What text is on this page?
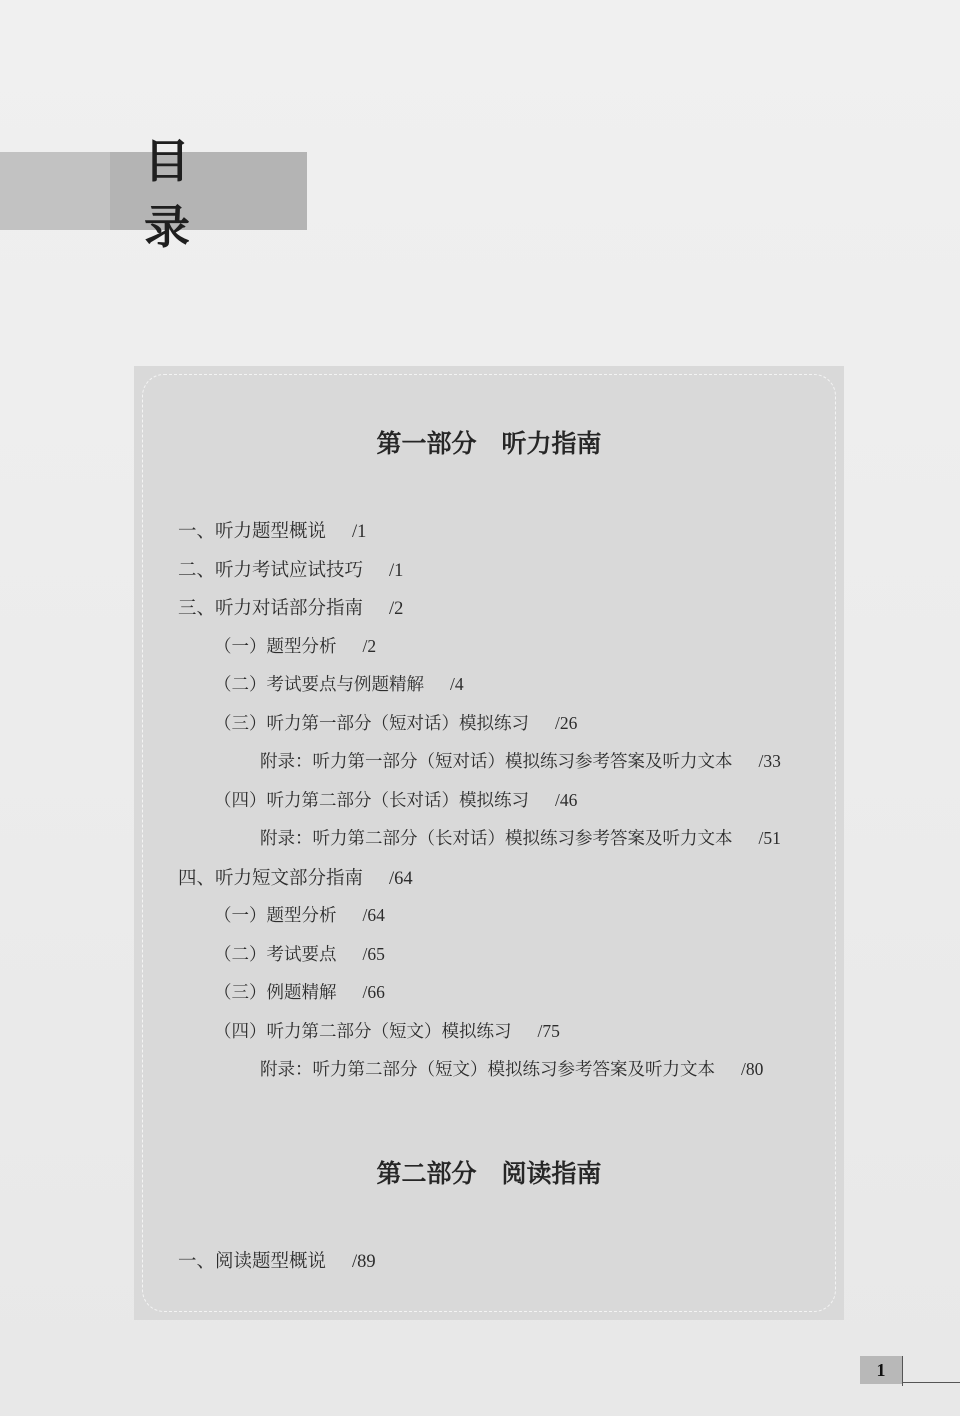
目录
第一部分　听力指南
第二部分　阅读指南
一、听力题型概说 /1
二、听力考试应试技巧 /1
三、听力对话部分指南 /2
（一）题型分析 /2
（二）考试要点与例题精解 /4
（三）听力第一部分（短对话）模拟练习 /26
附录：听力第一部分（短对话）模拟练习参考答案及听力文本 /33
（四）听力第二部分（长对话）模拟练习 /46
附录：听力第二部分（长对话）模拟练习参考答案及听力文本 /51
四、听力短文部分指南 /64
（一）题型分析 /64
（二）考试要点 /65
（三）例题精解 /66
（四）听力第二部分（短文）模拟练习 /75
附录：听力第二部分（短文）模拟练习参考答案及听力文本 /80
一、阅读题型概说 /89
1
